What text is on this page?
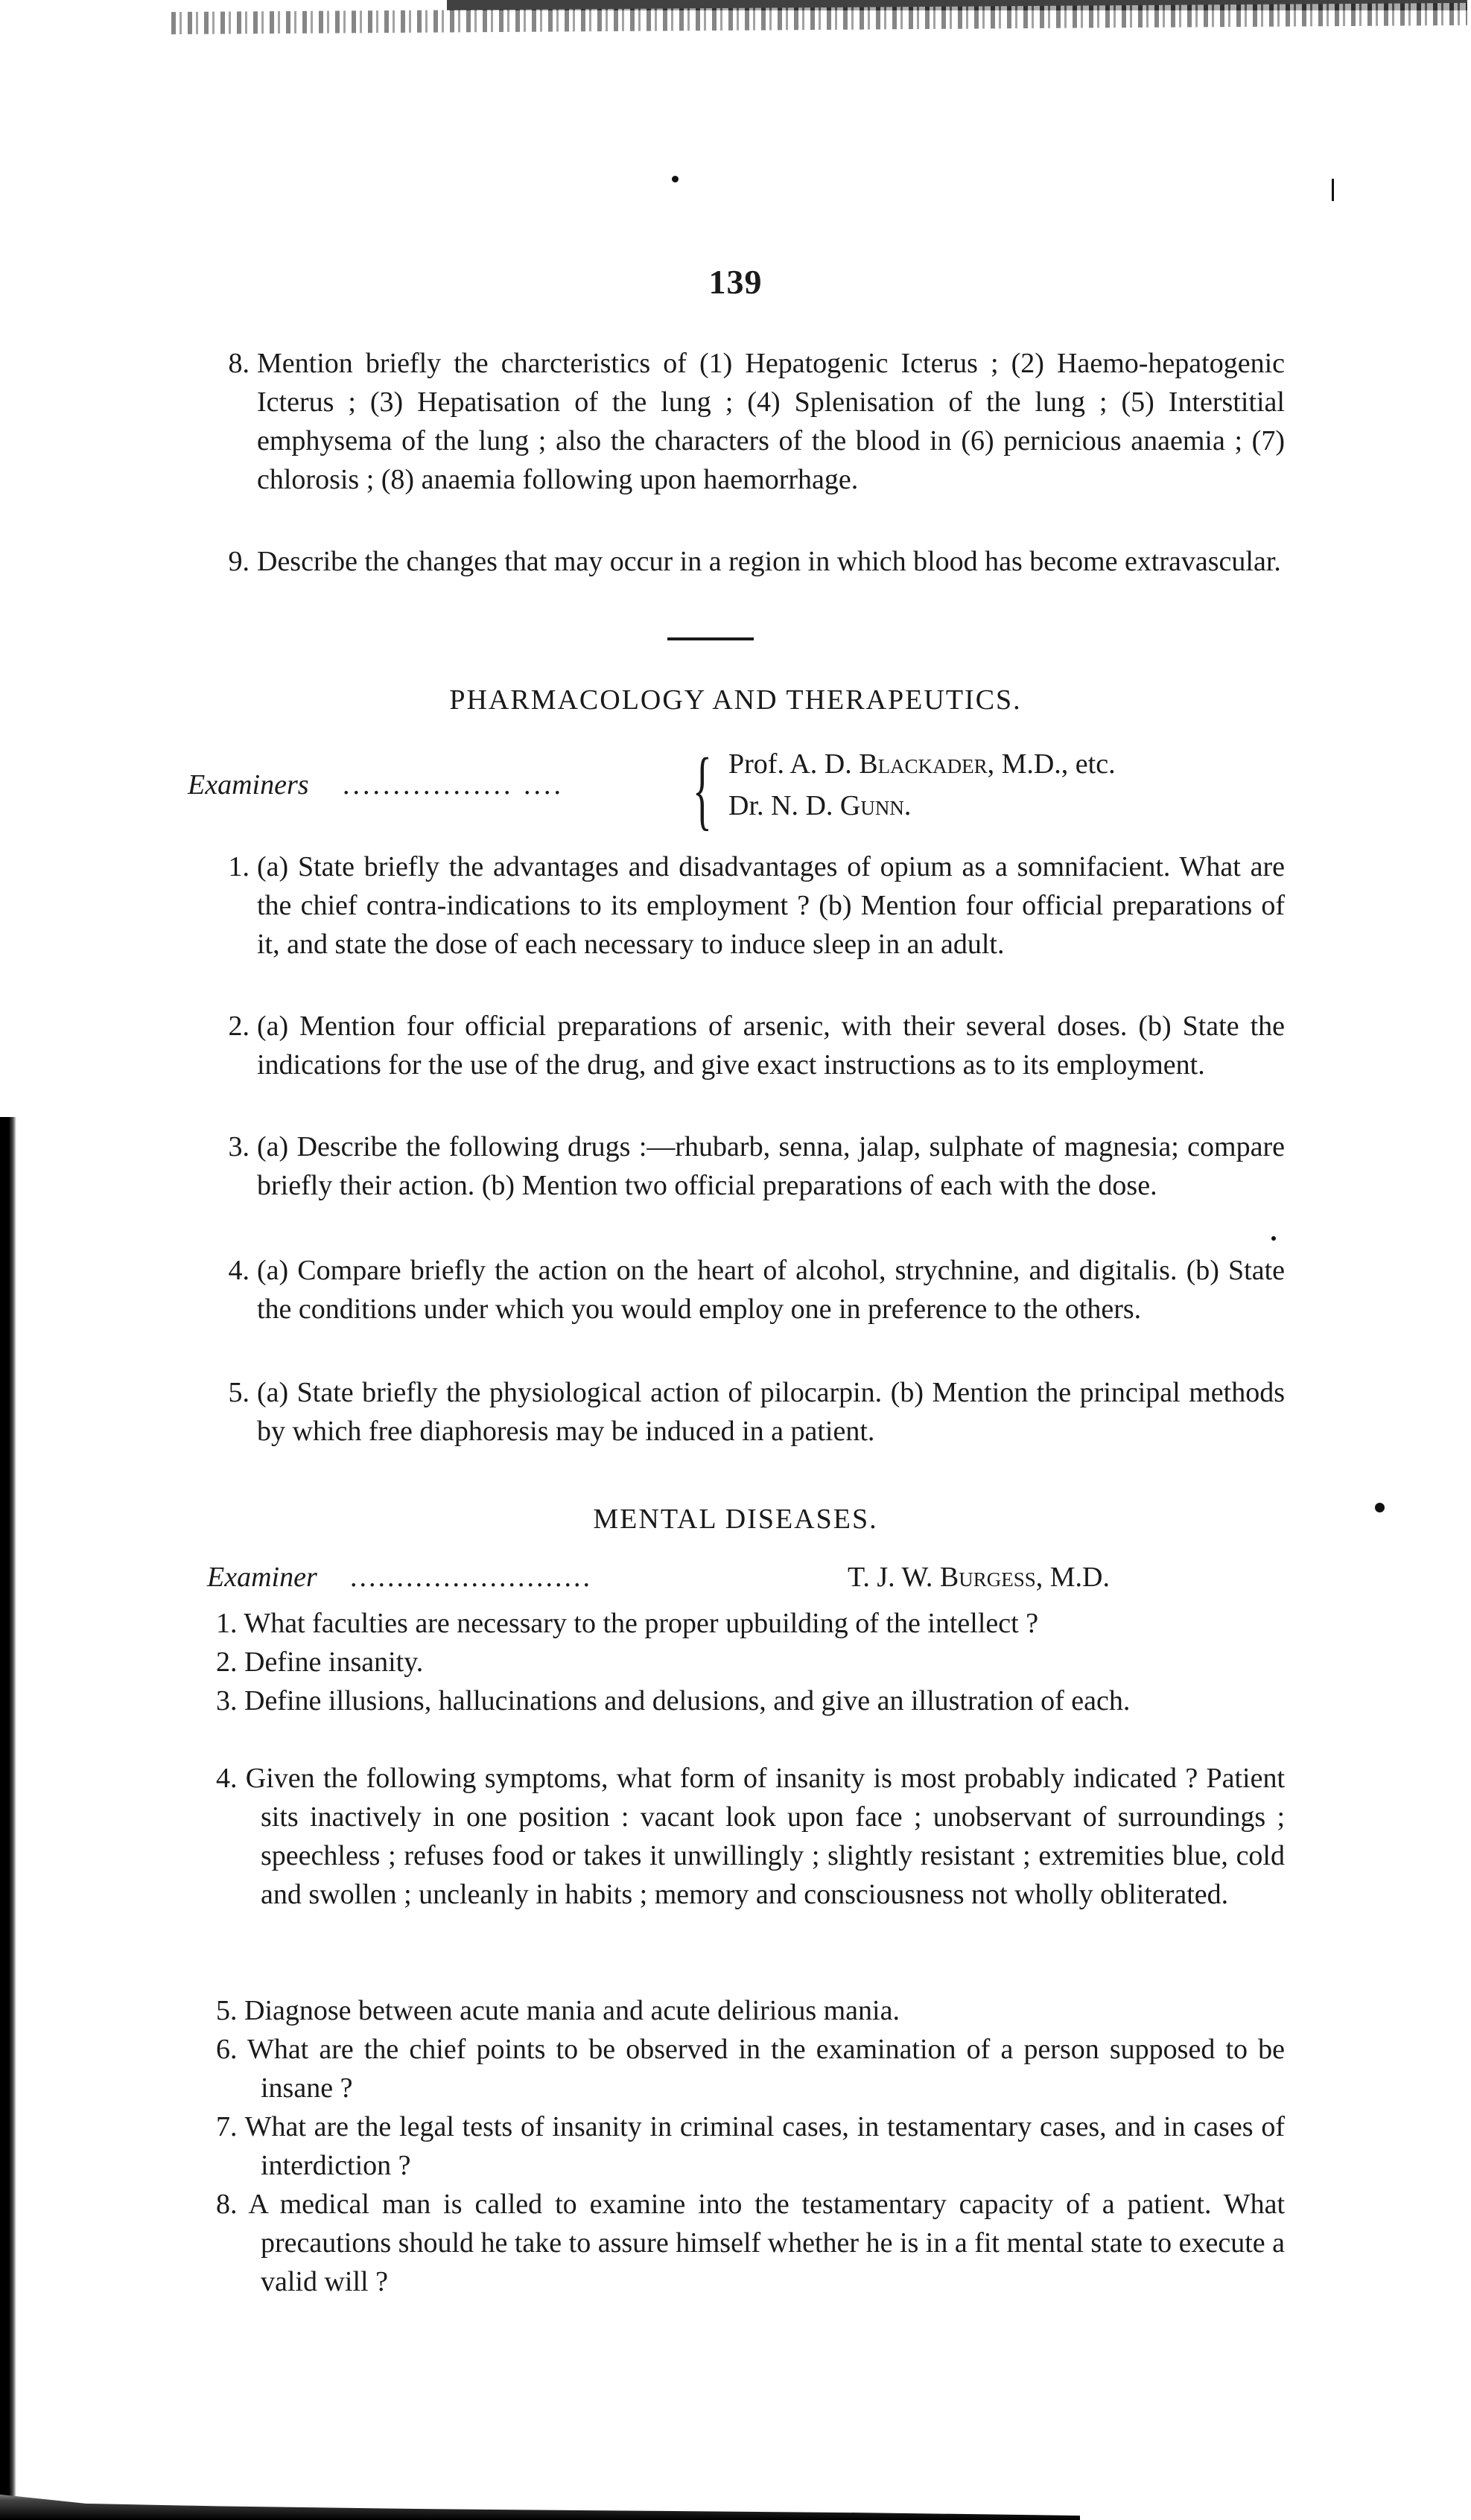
139
8. Mention briefly the charcteristics of (1) Hepatogenic Icterus ; (2) Haemo-hepatogenic Icterus ; (3) Hepatisation of the lung ; (4) Splenisation of the lung ; (5) Interstitial emphysema of the lung ; also the characters of the blood in (6) pernicious anaemia ; (7) chlorosis ; (8) anaemia following upon haemorrhage.
9. Describe the changes that may occur in a region in which blood has become extravascular.
PHARMACOLOGY AND THERAPEUTICS.
Examiners ................. .... { Prof. A. D. Blackader, M.D., etc.
Dr. N. D. Gunn.
1. (a) State briefly the advantages and disadvantages of opium as a somnifacient. What are the chief contra-indications to its employment ? (b) Mention four official preparations of it, and state the dose of each necessary to induce sleep in an adult.
2. (a) Mention four official preparations of arsenic, with their several doses. (b) State the indications for the use of the drug, and give exact instructions as to its employment.
3. (a) Describe the following drugs :—rhubarb, senna, jalap, sulphate of magnesia; compare briefly their action. (b) Mention two official preparations of each with the dose.
4. (a) Compare briefly the action on the heart of alcohol, strychnine, and digitalis. (b) State the conditions under which you would employ one in preference to the others.
5. (a) State briefly the physiological action of pilocarpin. (b) Mention the principal methods by which free diaphoresis may be induced in a patient.
MENTAL DISEASES.
Examiner ..........................	T. J. W. Burgess, M.D.
1. What faculties are necessary to the proper upbuilding of the intellect ?
2. Define insanity.
3. Define illusions, hallucinations and delusions, and give an illustration of each.
4. Given the following symptoms, what form of insanity is most probably indicated ? Patient sits inactively in one position : vacant look upon face ; unobservant of surroundings ; speechless ; refuses food or takes it unwillingly ; slightly resistant ; extremities blue, cold and swollen ; uncleanly in habits ; memory and consciousness not wholly obliterated.
5. Diagnose between acute mania and acute delirious mania.
6. What are the chief points to be observed in the examination of a person supposed to be insane ?
7. What are the legal tests of insanity in criminal cases, in testamentary cases, and in cases of interdiction ?
8. A medical man is called to examine into the testamentary capacity of a patient. What precautions should he take to assure himself whether he is in a fit mental state to execute a valid will ?
